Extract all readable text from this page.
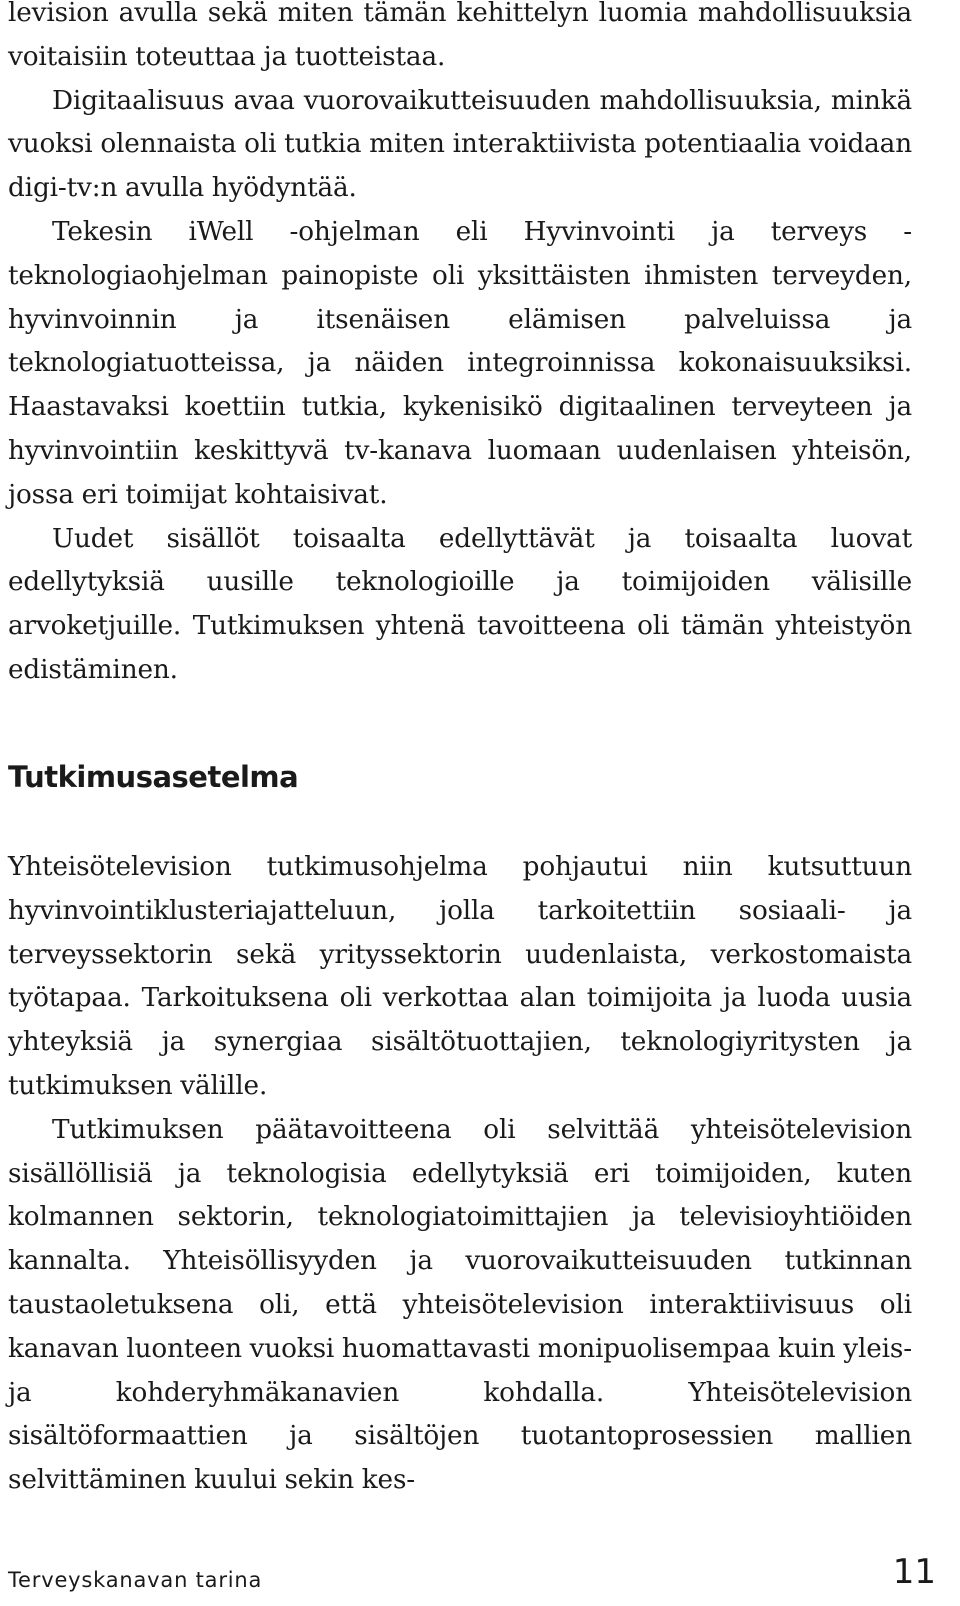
levision avulla sekä miten tämän kehittelyn luomia mahdollisuuksia voitaisiin toteuttaa ja tuotteistaa.

Digitaalisuus avaa vuorovaikutteisuuden mahdollisuuksia, minkä vuoksi olennaista oli tutkia miten interaktiivista potentiaalia voidaan digi-tv:n avulla hyödyntää.

Tekesin iWell -ohjelman eli Hyvinvointi ja terveys -teknologiaohjelman painopiste oli yksittäisten ihmisten terveyden, hyvinvoinnin ja itsenäisen elämisen palveluissa ja teknologiatuotteissa, ja näiden integroinnissa kokonaisuuksiksi. Haastavaksi koettiin tutkia, kykenisikö digitaalinen terveyteen ja hyvinvointiin keskittyvä tv-kanava luomaan uudenlaisen yhteisön, jossa eri toimijat kohtaisivat.

Uudet sisällöt toisaalta edellyttävät ja toisaalta luovat edellytyksiä uusille teknologioille ja toimijoiden välisille arvoketjuille. Tutkimuksen yhtenä tavoitteena oli tämän yhteistyön edistäminen.

Tutkimusasetelma

Yhteisötelevision tutkimusohjelma pohjautui niin kutsuttuun hyvinvointiklusteriajatteluun, jolla tarkoitettiin sosiaali- ja terveyssektorin sekä yrityssektorin uudenlaista, verkostomaista työtapaa. Tarkoituksena oli verkottaa alan toimijoita ja luoda uusia yhteyksiä ja synergiaa sisältötuottajien, teknologiyritysten ja tutkimuksen välille.

Tutkimuksen päätavoitteena oli selvittää yhteisötelevision sisällöllisiä ja teknologisia edellytyksiä eri toimijoiden, kuten kolmannen sektorin, teknologiatoimittajien ja televisioyhtiöiden kannalta. Yhteisöllisyyden ja vuorovaikutteisuuden tutkinnan taustaoletuksena oli, että yhteisötelevision interaktiivisuus oli kanavan luonteen vuoksi huomattavasti monipuolisempaa kuin yleis- ja kohderyhmäkanavien kohdalla. Yhteisötelevision sisältöformaattien ja sisältöjen tuotantoprosessien mallien selvittäminen kuului sekin kes-

Terveyskanavan tarina	11
